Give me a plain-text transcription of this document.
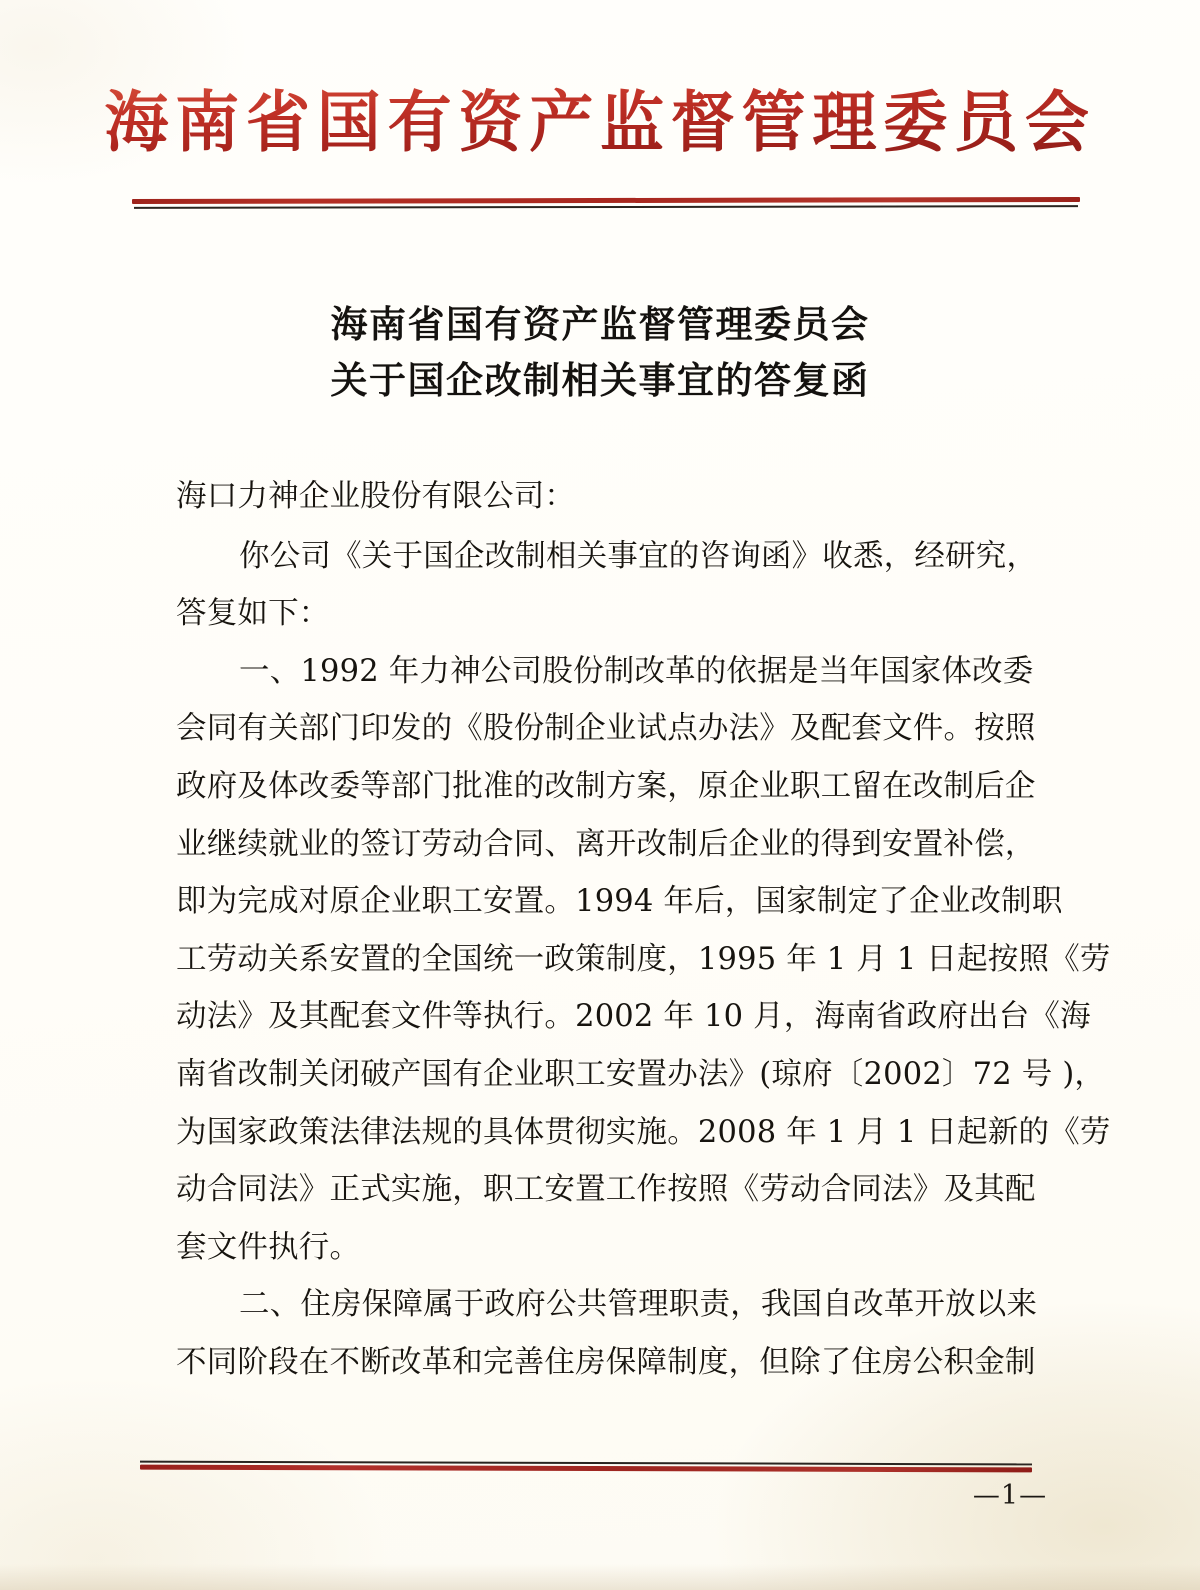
海南省国有资产监督管理委员会
海南省国有资产监督管理委员会
关于国企改制相关事宜的答复函
海口力神企业股份有限公司：
你公司《关于国企改制相关事宜的咨询函》收悉，经研究，
答复如下：
一、1992 年力神公司股份制改革的依据是当年国家体改委
会同有关部门印发的《股份制企业试点办法》及配套文件。按照
政府及体改委等部门批准的改制方案，原企业职工留在改制后企
业继续就业的签订劳动合同、离开改制后企业的得到安置补偿，
即为完成对原企业职工安置。1994 年后，国家制定了企业改制职
工劳动关系安置的全国统一政策制度，1995 年 1 月 1 日起按照《劳
动法》及其配套文件等执行。2002 年 10 月，海南省政府出台《海
南省改制关闭破产国有企业职工安置办法》(琼府〔2002〕72 号 )，
为国家政策法律法规的具体贯彻实施。2008 年 1 月 1 日起新的《劳
动合同法》正式实施，职工安置工作按照《劳动合同法》及其配
套文件执行。
二、住房保障属于政府公共管理职责，我国自改革开放以来
不同阶段在不断改革和完善住房保障制度，但除了住房公积金制
—1—
